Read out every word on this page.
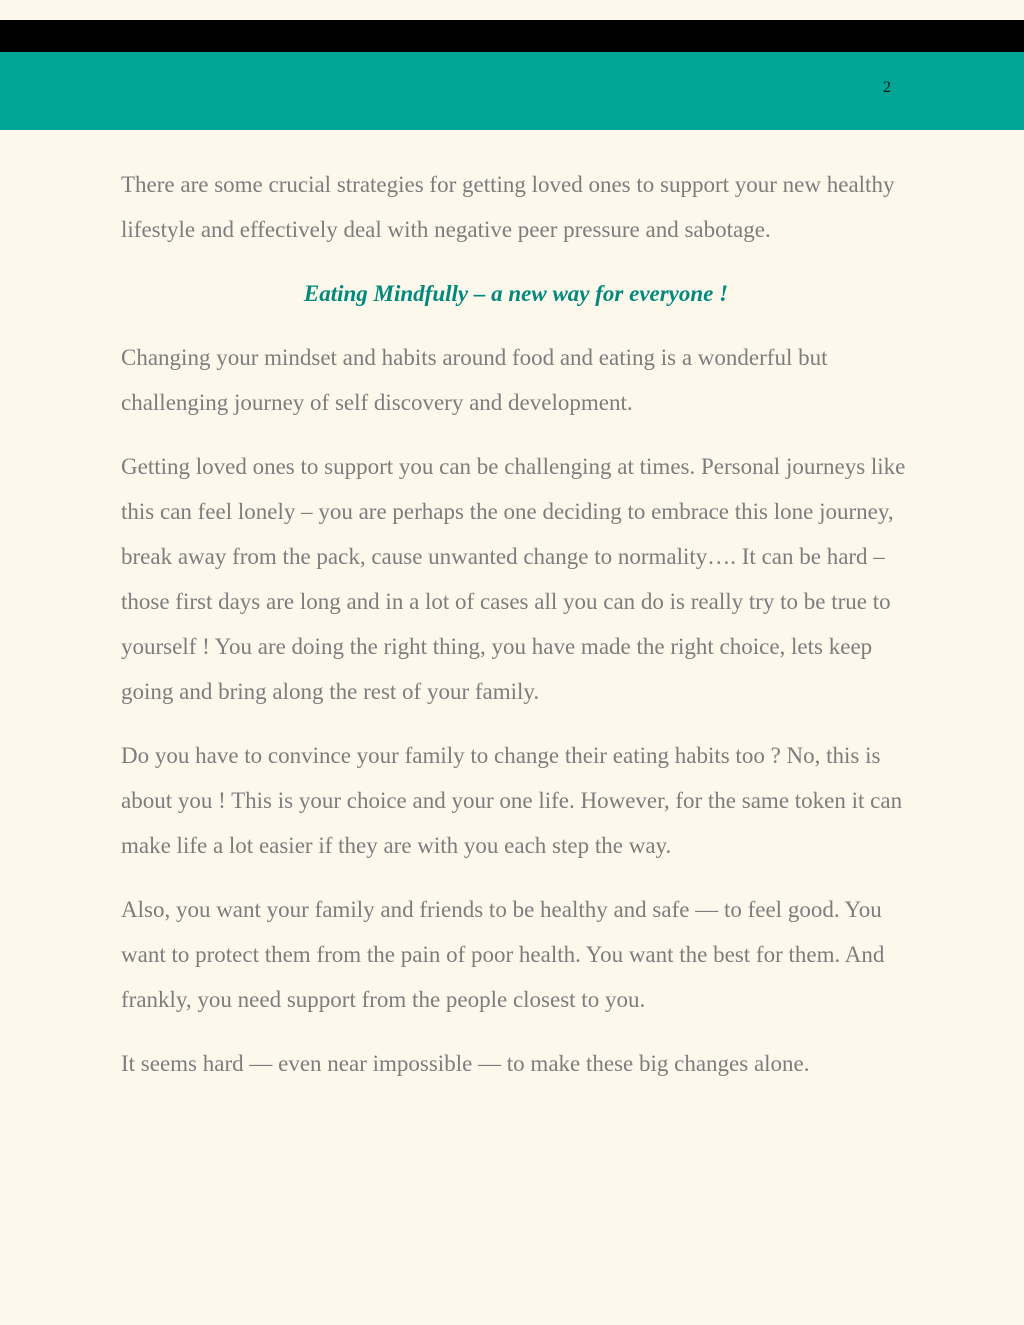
2

There are some crucial strategies for getting loved ones to support your new healthy lifestyle and effectively deal with negative peer pressure and sabotage.

Eating Mindfully – a new way for everyone !

Changing your mindset and habits around food and eating is a wonderful but challenging journey of self discovery and development.

Getting loved ones to support you can be challenging at times. Personal journeys like this can feel lonely – you are perhaps the one deciding to embrace this lone journey, break away from the pack, cause unwanted change to normality…. It can be hard – those first days are long and in a lot of cases all you can do is really try to be true to yourself ! You are doing the right thing, you have made the right choice, lets keep going and bring along the rest of your family.

Do you have to convince your family to change their eating habits too ? No, this is about you ! This is your choice and your one life. However, for the same token it can make life a lot easier if they are with you each step the way.

Also, you want your family and friends to be healthy and safe — to feel good. You want to protect them from the pain of poor health. You want the best for them. And frankly, you need support from the people closest to you.

It seems hard — even near impossible — to make these big changes alone.
